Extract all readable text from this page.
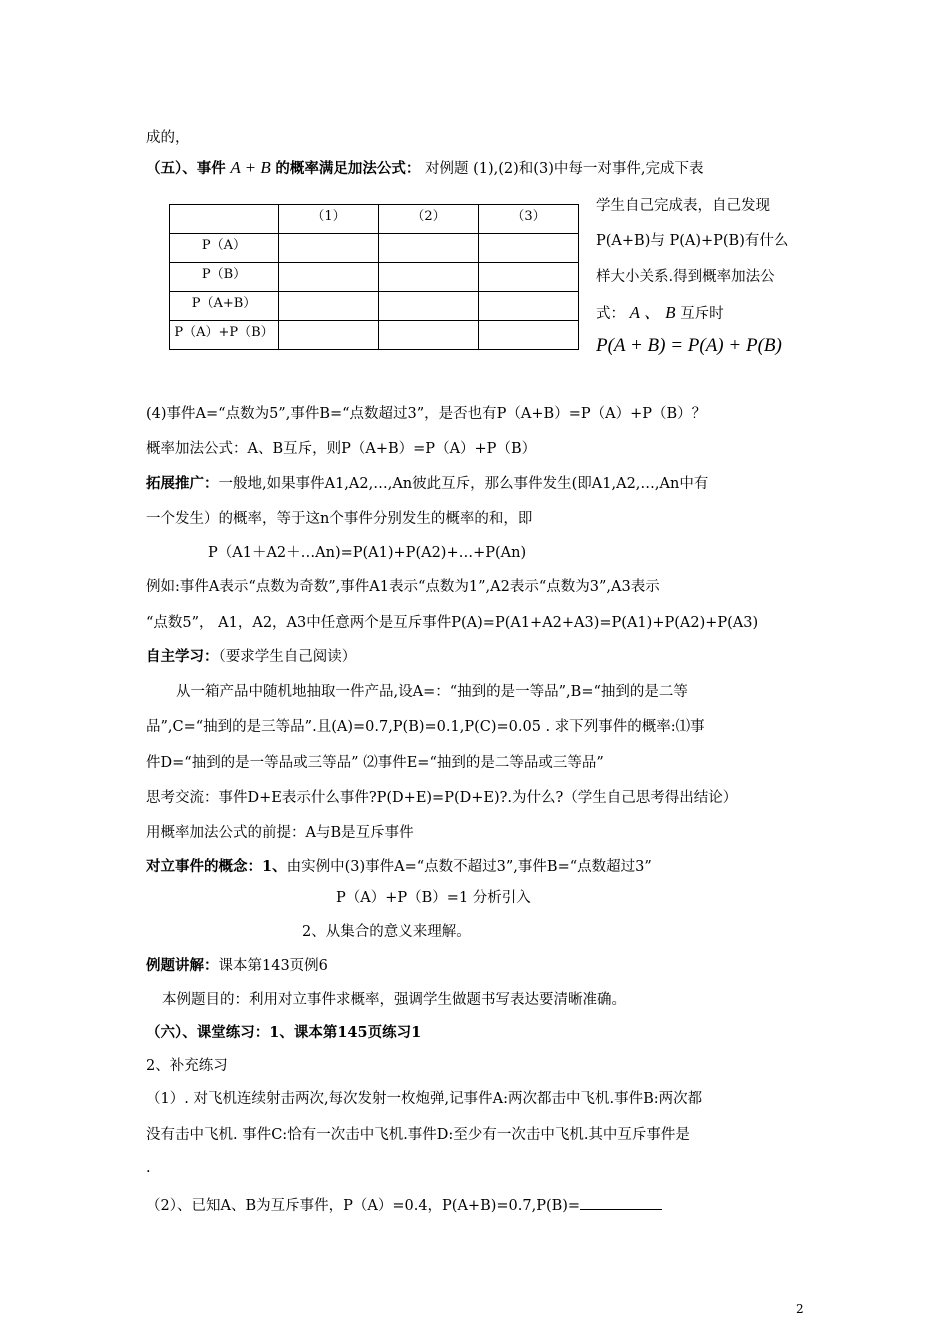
成的，
（五）、事件 A + B 的概率满足加法公式： 对例题 (1),(2)和(3)中每一对事件,完成下表
	（1）	（2）	（3）
P（A）			
P（B）			
P（A+B）			
P（A）+P（B）			
学生自己完成表，自己发现
P(A+B)与 P(A)+P(B)有什么
样大小关系.得到概率加法公
式： A 、 B 互斥时
P(A + B) = P(A) + P(B)
(4)事件A=“点数为5”,事件B=“点数超过3”，是否也有P（A+B）=P（A）+P（B）？
概率加法公式：A、B互斥，则P（A+B）=P（A）+P（B）
拓展推广：一般地,如果事件A1,A2,…,An彼此互斥，那么事件发生(即A1,A2,…,An中有
一个发生）的概率，等于这n个事件分别发生的概率的和，即
P（A1＋A2＋…An)=P(A1)+P(A2)+…+P(An)
例如:事件A表示“点数为奇数”,事件A1表示“点数为1”,A2表示“点数为3”,A3表示
“点数5”， A1，A2，A3中任意两个是互斥事件P(A)=P(A1+A2+A3)=P(A1)+P(A2)+P(A3)
自主学习：（要求学生自己阅读）
从一箱产品中随机地抽取一件产品,设A=：“抽到的是一等品”,B=“抽到的是二等
品”,C=“抽到的是三等品”.且(A)=0.7,P(B)=0.1,P(C)=0.05 . 求下列事件的概率:⑴事
件D=“抽到的是一等品或三等品” ⑵事件E=“抽到的是二等品或三等品”
思考交流：事件D+E表示什么事件?P(D+E)=P(D+E)?.为什么?（学生自己思考得出结论）
用概率加法公式的前提：A与B是互斥事件
对立事件的概念：1、由实例中(3)事件A=“点数不超过3”,事件B=“点数超过3”
P（A）+P（B）=1 分析引入
2、从集合的意义来理解。
例题讲解：课本第143页例6
本例题目的：利用对立事件求概率，强调学生做题书写表达要清晰准确。
（六）、课堂练习：1、课本第145页练习1
2、补充练习
（1）. 对飞机连续射击两次,每次发射一枚炮弹,记事件A:两次都击中飞机.事件B:两次都
没有击中飞机. 事件C:恰有一次击中飞机.事件D:至少有一次击中飞机.其中互斥事件是
.
（2）、已知A、B为互斥事件，P（A）=0.4，P(A+B)=0.7,P(B)=
2
